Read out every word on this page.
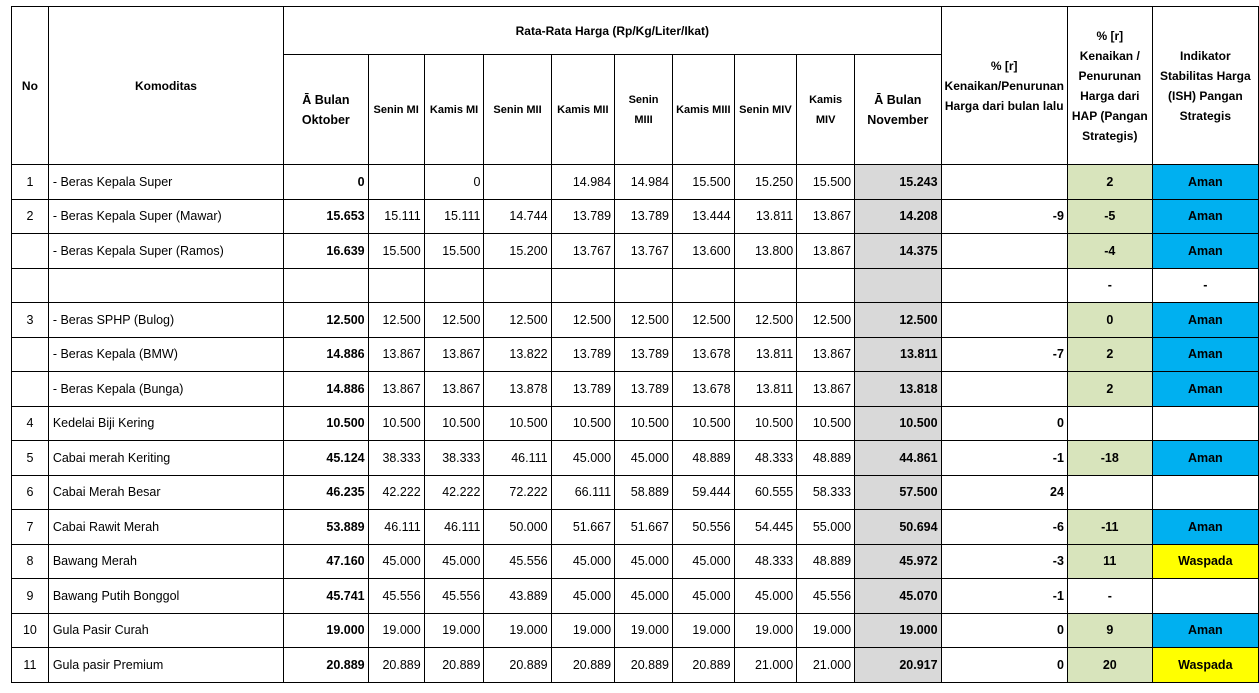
No	Komoditas	Rata-Rata Harga (Rp/Kg/Liter/Ikat)										% [r] Kenaikan/Penurunan Harga dari bulan lalu	% [r] Kenaikan / Penurunan Harga dari HAP (Pangan Strategis)	Indikator Stabilitas Harga (ISH) Pangan Strategis
		Ā Bulan Oktober	Senin MI	Kamis MI	Senin MII	Kamis MII	Senin MIII	Kamis MIII	Senin MIV	Kamis MIV	Ā Bulan November			
1	- Beras Kepala Super	0		0		14.984	14.984	15.500	15.250	15.500	15.243		2	Aman
2	- Beras Kepala Super (Mawar)	15.653	15.111	15.111	14.744	13.789	13.789	13.444	13.811	13.867	14.208	-9	-5	Aman
	- Beras Kepala Super (Ramos)	16.639	15.500	15.500	15.200	13.767	13.767	13.600	13.800	13.867	14.375		-4	Aman
													-	-
3	- Beras SPHP (Bulog)	12.500	12.500	12.500	12.500	12.500	12.500	12.500	12.500	12.500	12.500		0	Aman
	- Beras Kepala (BMW)	14.886	13.867	13.867	13.822	13.789	13.789	13.678	13.811	13.867	13.811	-7	2	Aman
	- Beras Kepala (Bunga)	14.886	13.867	13.867	13.878	13.789	13.789	13.678	13.811	13.867	13.818		2	Aman
4	Kedelai Biji Kering	10.500	10.500	10.500	10.500	10.500	10.500	10.500	10.500	10.500	10.500	0		
5	Cabai merah Keriting	45.124	38.333	38.333	46.111	45.000	45.000	48.889	48.333	48.889	44.861	-1	-18	Aman
6	Cabai Merah Besar	46.235	42.222	42.222	72.222	66.111	58.889	59.444	60.555	58.333	57.500	24		
7	Cabai Rawit Merah	53.889	46.111	46.111	50.000	51.667	51.667	50.556	54.445	55.000	50.694	-6	-11	Aman
8	Bawang Merah	47.160	45.000	45.000	45.556	45.000	45.000	45.000	48.333	48.889	45.972	-3	11	Waspada
9	Bawang Putih Bonggol	45.741	45.556	45.556	43.889	45.000	45.000	45.000	45.000	45.556	45.070	-1	-	
10	Gula Pasir Curah	19.000	19.000	19.000	19.000	19.000	19.000	19.000	19.000	19.000	19.000	0	9	Aman
11	Gula pasir Premium	20.889	20.889	20.889	20.889	20.889	20.889	20.889	21.000	21.000	20.917	0	20	Waspada
